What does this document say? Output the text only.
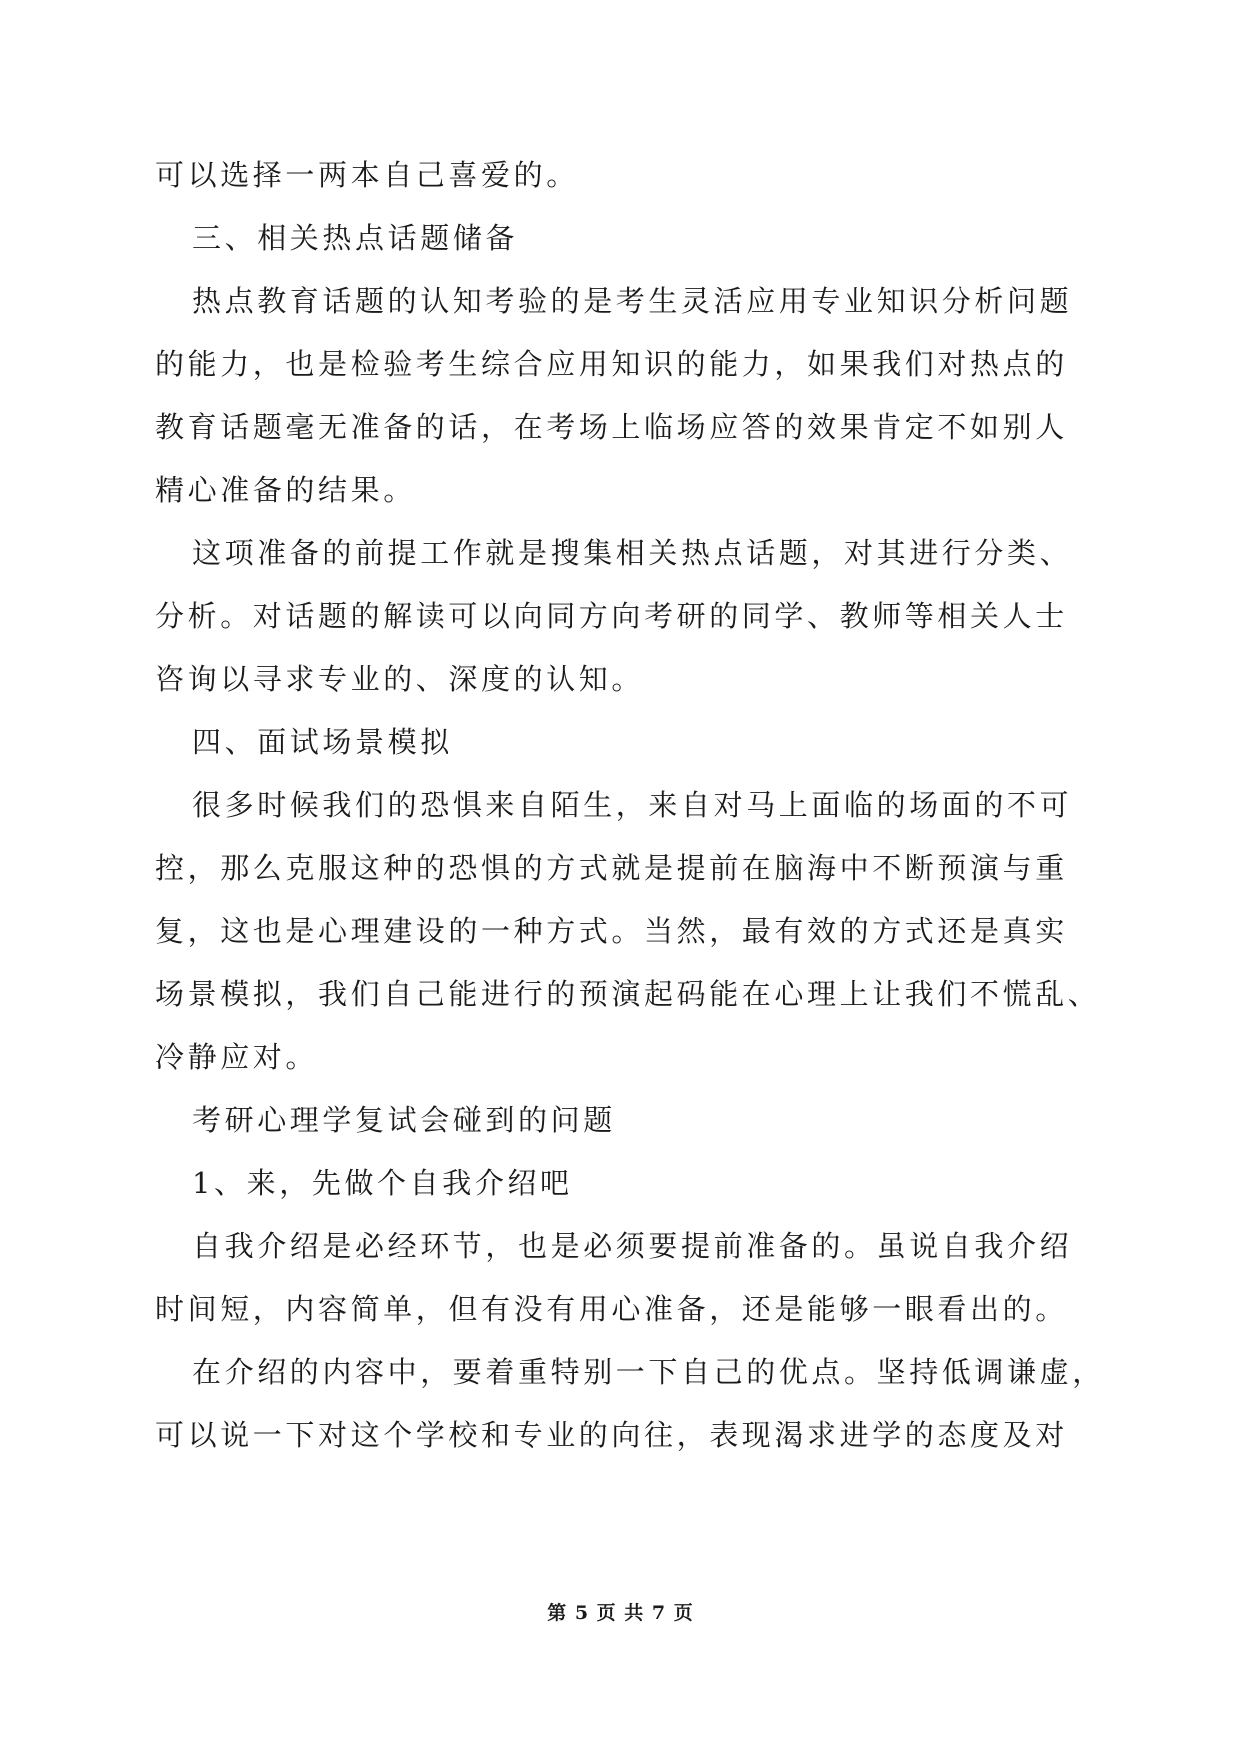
可以选择一两本自己喜爱的。
三、相关热点话题储备
热点教育话题的认知考验的是考生灵活应用专业知识分析问题
的能力，也是检验考生综合应用知识的能力，如果我们对热点的
教育话题毫无准备的话，在考场上临场应答的效果肯定不如别人
精心准备的结果。
这项准备的前提工作就是搜集相关热点话题，对其进行分类、
分析。对话题的解读可以向同方向考研的同学、教师等相关人士
咨询以寻求专业的、深度的认知。
四、面试场景模拟
很多时候我们的恐惧来自陌生，来自对马上面临的场面的不可
控，那么克服这种的恐惧的方式就是提前在脑海中不断预演与重
复，这也是心理建设的一种方式。当然，最有效的方式还是真实
场景模拟，我们自己能进行的预演起码能在心理上让我们不慌乱、
冷静应对。
考研心理学复试会碰到的问题
1、来，先做个自我介绍吧
自我介绍是必经环节，也是必须要提前准备的。虽说自我介绍
时间短，内容简单，但有没有用心准备，还是能够一眼看出的。
在介绍的内容中，要着重特别一下自己的优点。坚持低调谦虚，
可以说一下对这个学校和专业的向往，表现渴求进学的态度及对
第 5 页 共 7 页
